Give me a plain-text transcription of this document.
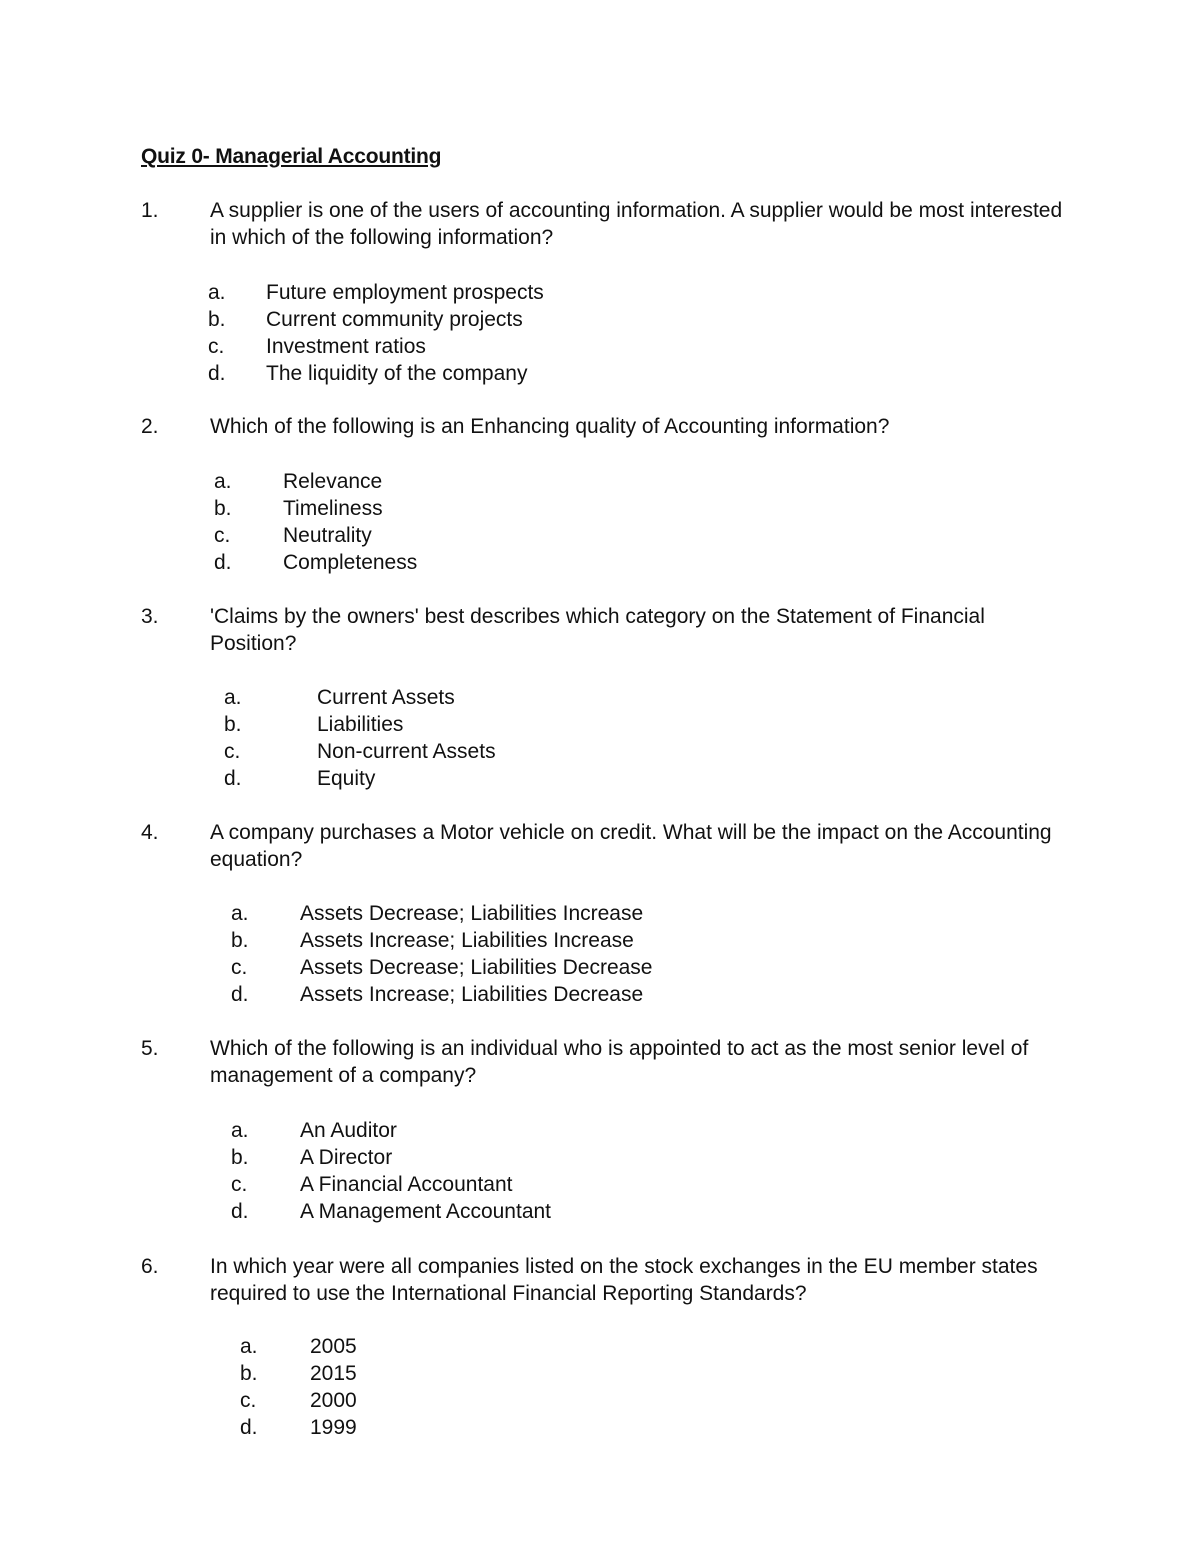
Quiz 0- Managerial Accounting
1. A supplier is one of the users of accounting information. A supplier would be most interested in which of the following information?
a. Future employment prospects
b. Current community projects
c. Investment ratios
d. The liquidity of the company
2. Which of the following is an Enhancing quality of Accounting information?
a. Relevance
b. Timeliness
c.	Neutrality
d. Completeness
3. 'Claims by the owners' best describes which category on the Statement of Financial Position?
a.	Current Assets
b.	Liabilities
c.	Non-current Assets
d.	Equity
4. A company purchases a Motor vehicle on credit. What will be the impact on the Accounting equation?
a. Assets Decrease; Liabilities Increase
b. Assets Increase; Liabilities Increase
c.	Assets Decrease; Liabilities Decrease
d. Assets Increase; Liabilities Decrease
5. Which of the following is an individual who is appointed to act as the most senior level of management of a company?
a. An Auditor
b. A Director
c.	A Financial Accountant
d. A Management Accountant
6. In which year were all companies listed on the stock exchanges in the EU member states required to use the International Financial Reporting Standards?
a. 2005
b. 2015
c.	2000
d. 1999
